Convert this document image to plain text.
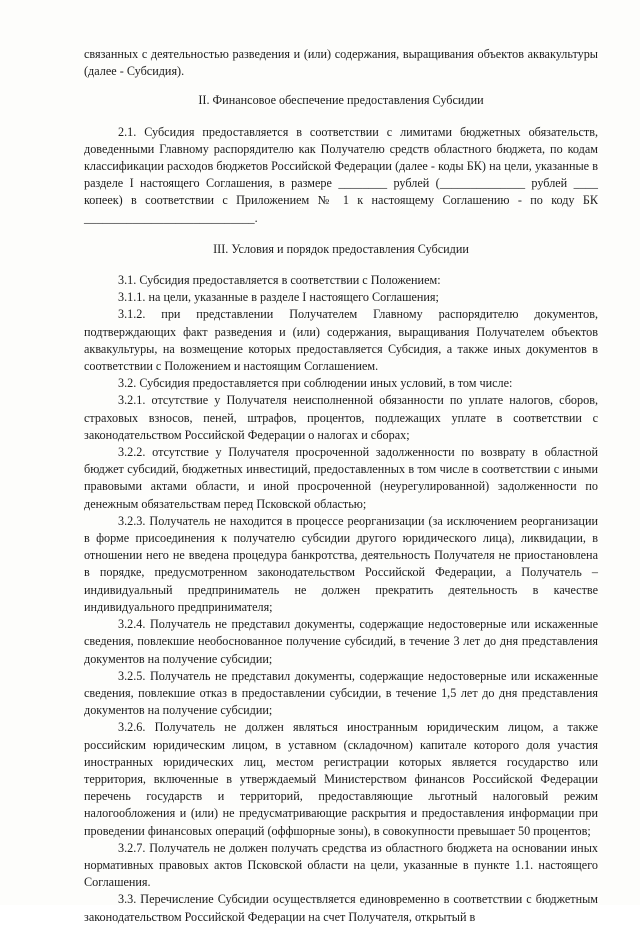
связанных с деятельностью разведения и (или) содержания, выращивания объектов аквакультуры (далее - Субсидия).

II. Финансовое обеспечение предоставления Субсидии

2.1. Субсидия предоставляется в соответствии с лимитами бюджетных обязательств, доведенными Главному распорядителю как Получателю средств областного бюджета, по кодам классификации расходов бюджетов Российской Федерации (далее - коды БК) на цели, указанные в разделе I настоящего Соглашения, в размере ________ рублей (______________ рублей ____ копеек) в соответствии с Приложением № 1 к настоящему Соглашению - по коду БК ____________________________.

III. Условия и порядок предоставления Субсидии

3.1. Субсидия предоставляется в соответствии с Положением:

3.1.1. на цели, указанные в разделе I настоящего Соглашения;

3.1.2. при представлении Получателем Главному распорядителю документов, подтверждающих факт разведения и (или) содержания, выращивания Получателем объектов аквакультуры, на возмещение которых предоставляется Субсидия, а также иных документов в соответствии с Положением и настоящим Соглашением.

3.2. Субсидия предоставляется при соблюдении иных условий, в том числе:

3.2.1. отсутствие у Получателя неисполненной обязанности по уплате налогов, сборов, страховых взносов, пеней, штрафов, процентов, подлежащих уплате в соответствии с законодательством Российской Федерации о налогах и сборах;

3.2.2. отсутствие у Получателя просроченной задолженности по возврату в областной бюджет субсидий, бюджетных инвестиций, предоставленных в том числе в соответствии с иными правовыми актами области, и иной просроченной (неурегулированной) задолженности по денежным обязательствам перед Псковской областью;

3.2.3. Получатель не находится в процессе реорганизации (за исключением реорганизации в форме присоединения к получателю субсидии другого юридического лица), ликвидации, в отношении него не введена процедура банкротства, деятельность Получателя не приостановлена в порядке, предусмотренном законодательством Российской Федерации, а Получатель – индивидуальный предприниматель не должен прекратить деятельность в качестве индивидуального предпринимателя;

3.2.4. Получатель не представил документы, содержащие недостоверные или искаженные сведения, повлекшие необоснованное получение субсидий, в течение 3 лет до дня представления документов на получение субсидии;

3.2.5. Получатель не представил документы, содержащие недостоверные или искаженные сведения, повлекшие отказ в предоставлении субсидии, в течение 1,5 лет до дня представления документов на получение субсидии;

3.2.6. Получатель не должен являться иностранным юридическим лицом, а также российским юридическим лицом, в уставном (складочном) капитале которого доля участия иностранных юридических лиц, местом регистрации которых является государство или территория, включенные в утверждаемый Министерством финансов Российской Федерации перечень государств и территорий, предоставляющие льготный налоговый режим налогообложения и (или) не предусматривающие раскрытия и предоставления информации при проведении финансовых операций (оффшорные зоны), в совокупности превышает 50 процентов;

3.2.7. Получатель не должен получать средства из областного бюджета на основании иных нормативных правовых актов Псковской области на цели, указанные в пункте 1.1. настоящего Соглашения.

3.3. Перечисление Субсидии осуществляется единовременно в соответствии с бюджетным законодательством Российской Федерации на счет Получателя, открытый в
